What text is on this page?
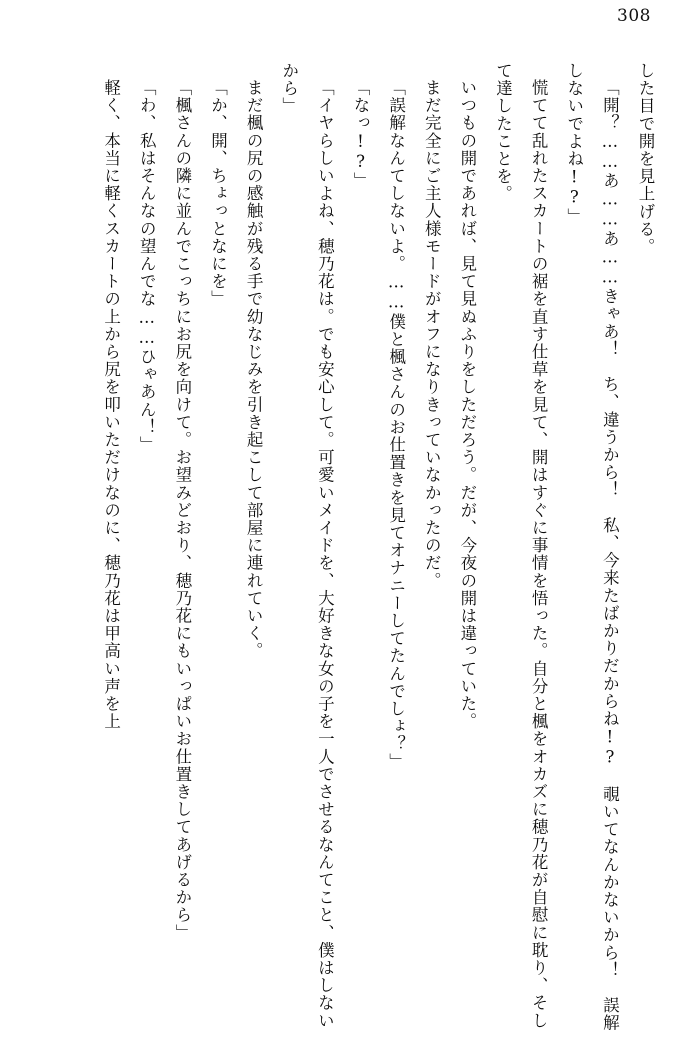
308

した目で開を見上げる。

「開？……あ……あ……きゃあ！　ち、違うから！　私、今来たばかりだからね!?　覗いてなんかないから！　誤解しないでよね!?」

慌てて乱れたスカートの裾を直す仕草を見て、開はすぐに事情を悟った。自分と楓をオカズに穂乃花が自慰に耽り、そして達したことを。

いつもの開であれば、見て見ぬふりをしただろう。だが、今夜の開は違っていた。

まだ完全にご主人様モードがオフになりきっていなかったのだ。

「誤解なんてしないよ。……僕と楓さんのお仕置きを見てオナニーしてたんでしょ？」

「なっ!?」

「イヤらしいよね、穂乃花は。でも安心して。可愛いメイドを、大好きな女の子を一人でさせるなんてこと、僕はしないから」

まだ楓の尻の感触が残る手で幼なじみを引き起こして部屋に連れていく。

「か、開、ちょっとなにを」

「楓さんの隣に並んでこっちにお尻を向けて。お望みどおり、穂乃花にもいっぱいお仕置きしてあげるから」

「わ、私はそんなの望んでな……ひゃあん！」

軽く、本当に軽くスカートの上から尻を叩いただけなのに、穂乃花は甲高い声を上
